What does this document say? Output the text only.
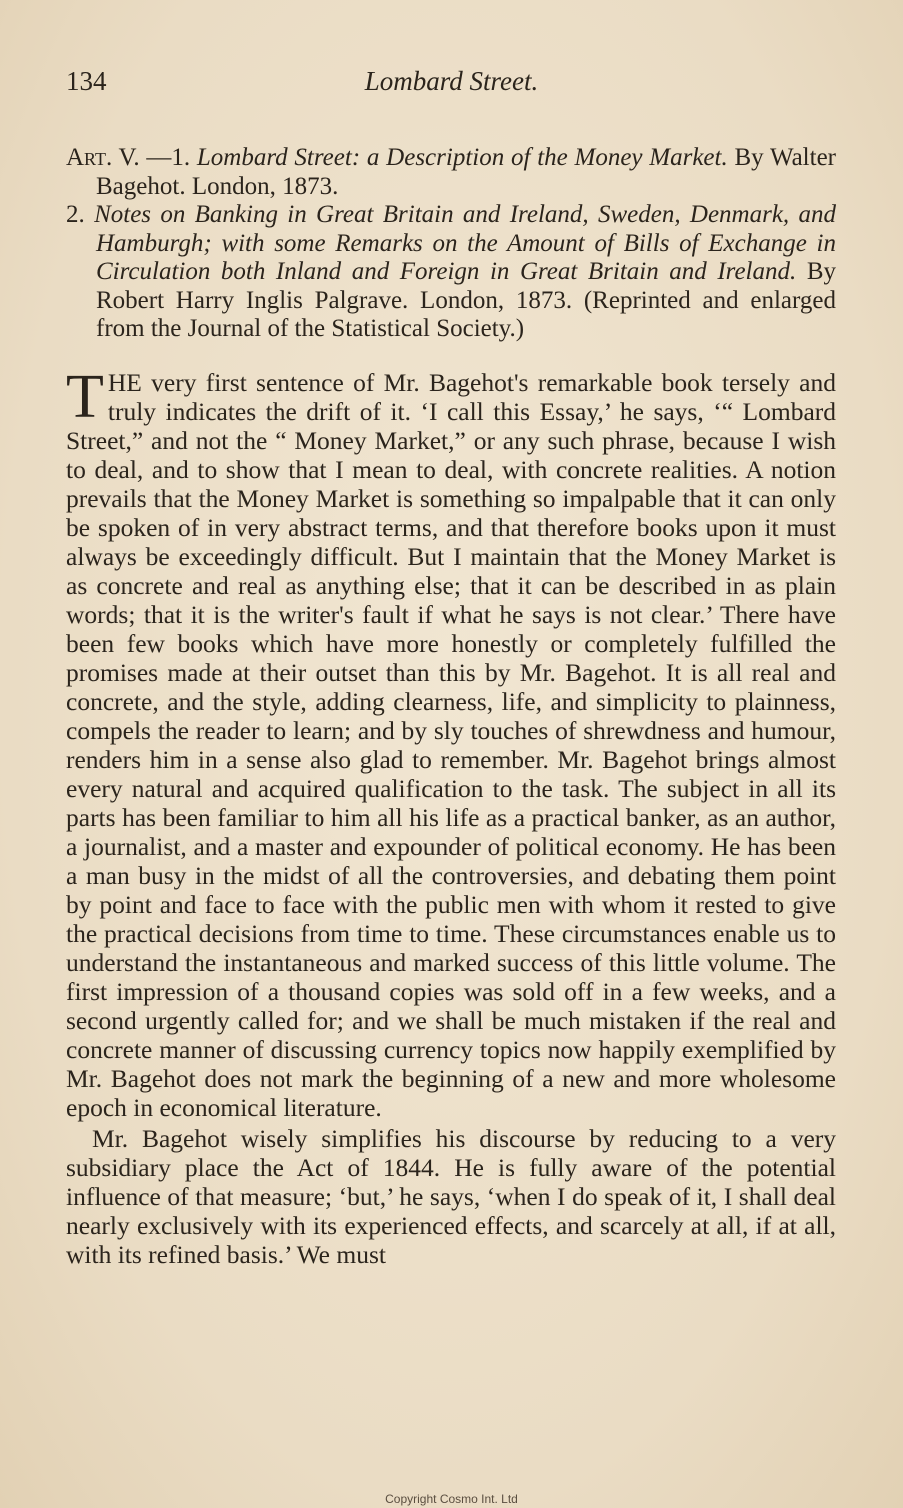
134	Lombard Street.

Art. V. —1. Lombard Street: a Description of the Money Market. By Walter Bagehot. London, 1873.

2. Notes on Banking in Great Britain and Ireland, Sweden, Denmark, and Hamburgh; with some Remarks on the Amount of Bills of Exchange in Circulation both Inland and Foreign in Great Britain and Ireland. By Robert Harry Inglis Palgrave. London, 1873. (Reprinted and enlarged from the Journal of the Statistical Society.)

T HE very first sentence of Mr. Bagehot's remarkable book tersely and truly indicates the drift of it. ‘I call this Essay,’ he says, ‘“ Lombard Street,” and not the “ Money Market,” or any such phrase, because I wish to deal, and to show that I mean to deal, with concrete realities. A notion prevails that the Money Market is something so impalpable that it can only be spoken of in very abstract terms, and that therefore books upon it must always be exceedingly difficult. But I maintain that the Money Market is as concrete and real as anything else; that it can be described in as plain words; that it is the writer's fault if what he says is not clear.’ There have been few books which have more honestly or completely fulfilled the promises made at their outset than this by Mr. Bagehot. It is all real and concrete, and the style, adding clearness, life, and simplicity to plainness, compels the reader to learn; and by sly touches of shrewdness and humour, renders him in a sense also glad to remember. Mr. Bagehot brings almost every natural and acquired qualification to the task. The subject in all its parts has been familiar to him all his life as a practical banker, as an author, a journalist, and a master and expounder of political economy. He has been a man busy in the midst of all the controversies, and debating them point by point and face to face with the public men with whom it rested to give the practical decisions from time to time. These circumstances enable us to understand the instantaneous and marked success of this little volume. The first impression of a thousand copies was sold off in a few weeks, and a second urgently called for; and we shall be much mistaken if the real and concrete manner of discussing currency topics now happily exemplified by Mr. Bagehot does not mark the beginning of a new and more wholesome epoch in economical literature.

Mr. Bagehot wisely simplifies his discourse by reducing to a very subsidiary place the Act of 1844. He is fully aware of the potential influence of that measure; ‘but,’ he says, ‘when I do speak of it, I shall deal nearly exclusively with its experienced effects, and scarcely at all, if at all, with its refined basis.’ We must

Copyright Cosmo Int. Ltd
